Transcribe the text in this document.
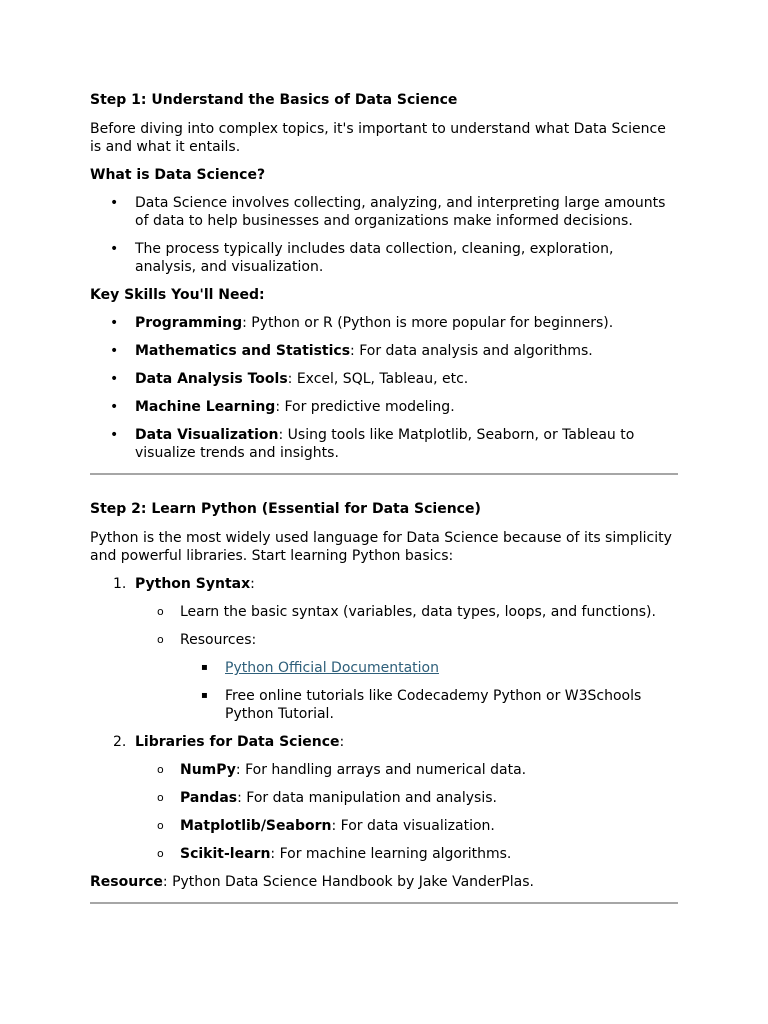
Step 1: Understand the Basics of Data Science

Before diving into complex topics, it's important to understand what Data Science is and what it entails.

What is Data Science?

• Data Science involves collecting, analyzing, and interpreting large amounts of data to help businesses and organizations make informed decisions.
• The process typically includes data collection, cleaning, exploration, analysis, and visualization.

Key Skills You'll Need:

• Programming: Python or R (Python is more popular for beginners).
• Mathematics and Statistics: For data analysis and algorithms.
• Data Analysis Tools: Excel, SQL, Tableau, etc.
• Machine Learning: For predictive modeling.
• Data Visualization: Using tools like Matplotlib, Seaborn, or Tableau to visualize trends and insights.
Step 2: Learn Python (Essential for Data Science)

Python is the most widely used language for Data Science because of its simplicity and powerful libraries. Start learning Python basics:

1. Python Syntax:
o Learn the basic syntax (variables, data types, loops, and functions).
o Resources:
▪ Python Official Documentation
▪ Free online tutorials like Codecademy Python or W3Schools Python Tutorial.
2. Libraries for Data Science:
o NumPy: For handling arrays and numerical data.
o Pandas: For data manipulation and analysis.
o Matplotlib/Seaborn: For data visualization.
o Scikit-learn: For machine learning algorithms.

Resource: Python Data Science Handbook by Jake VanderPlas.
